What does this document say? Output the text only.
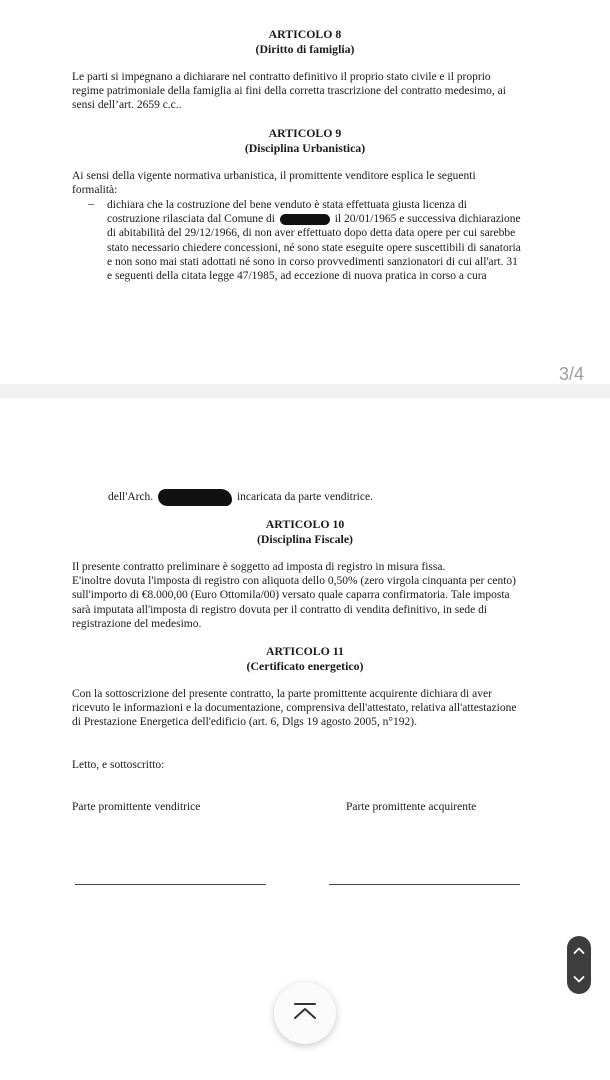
ARTICOLO 8
(Diritto di famiglia)
Le parti si impegnano a dichiarare nel contratto definitivo il proprio stato civile e il proprio
regime patrimoniale della famiglia ai fini della corretta trascrizione del contratto medesimo, ai
sensi dell’art. 2659 c.c..
ARTICOLO 9
(Disciplina Urbanistica)
Ai sensi della vigente normativa urbanistica, il promittente venditore esplica le seguenti
formalità:
– dichiara che la costruzione del bene venduto è stata effettuata giusta licenza di
costruzione rilasciata dal Comune di	il 20/01/1965 e successiva dichiarazione
di abitabilità del 29/12/1966, di non aver effettuato dopo detta data opere per cui sarebbe
stato necessario chiedere concessioni, né sono state eseguite opere suscettibili di sanatoria
e non sono mai stati adottati né sono in corso provvedimenti sanzionatori di cui all'art. 31
e seguenti della citata legge 47/1985, ad eccezione di nuova pratica in corso a cura
3/4
dell'Arch.	incaricata da parte venditrice.
ARTICOLO 10
(Disciplina Fiscale)
Il presente contratto preliminare è soggetto ad imposta di registro in misura fissa.
E'inoltre dovuta l'imposta di registro con aliquota dello 0,50% (zero virgola cinquanta per cento)
sull'importo di €8.000,00 (Euro Ottomila/00) versato quale caparra confirmatoria. Tale imposta
sarà imputata all'imposta di registro dovuta per il contratto di vendita definitivo, in sede di
registrazione del medesimo.
ARTICOLO 11
(Certificato energetico)
Con la sottoscrizione del presente contratto, la parte promittente acquirente dichiara di aver
ricevuto le informazioni e la documentazione, comprensiva dell'attestato, relativa all'attestazione
di Prestazione Energetica dell'edificio (art. 6, Dlgs 19 agosto 2005, n°192).
Letto, e sottoscritto:
Parte promittente venditrice	Parte promittente acquirente
